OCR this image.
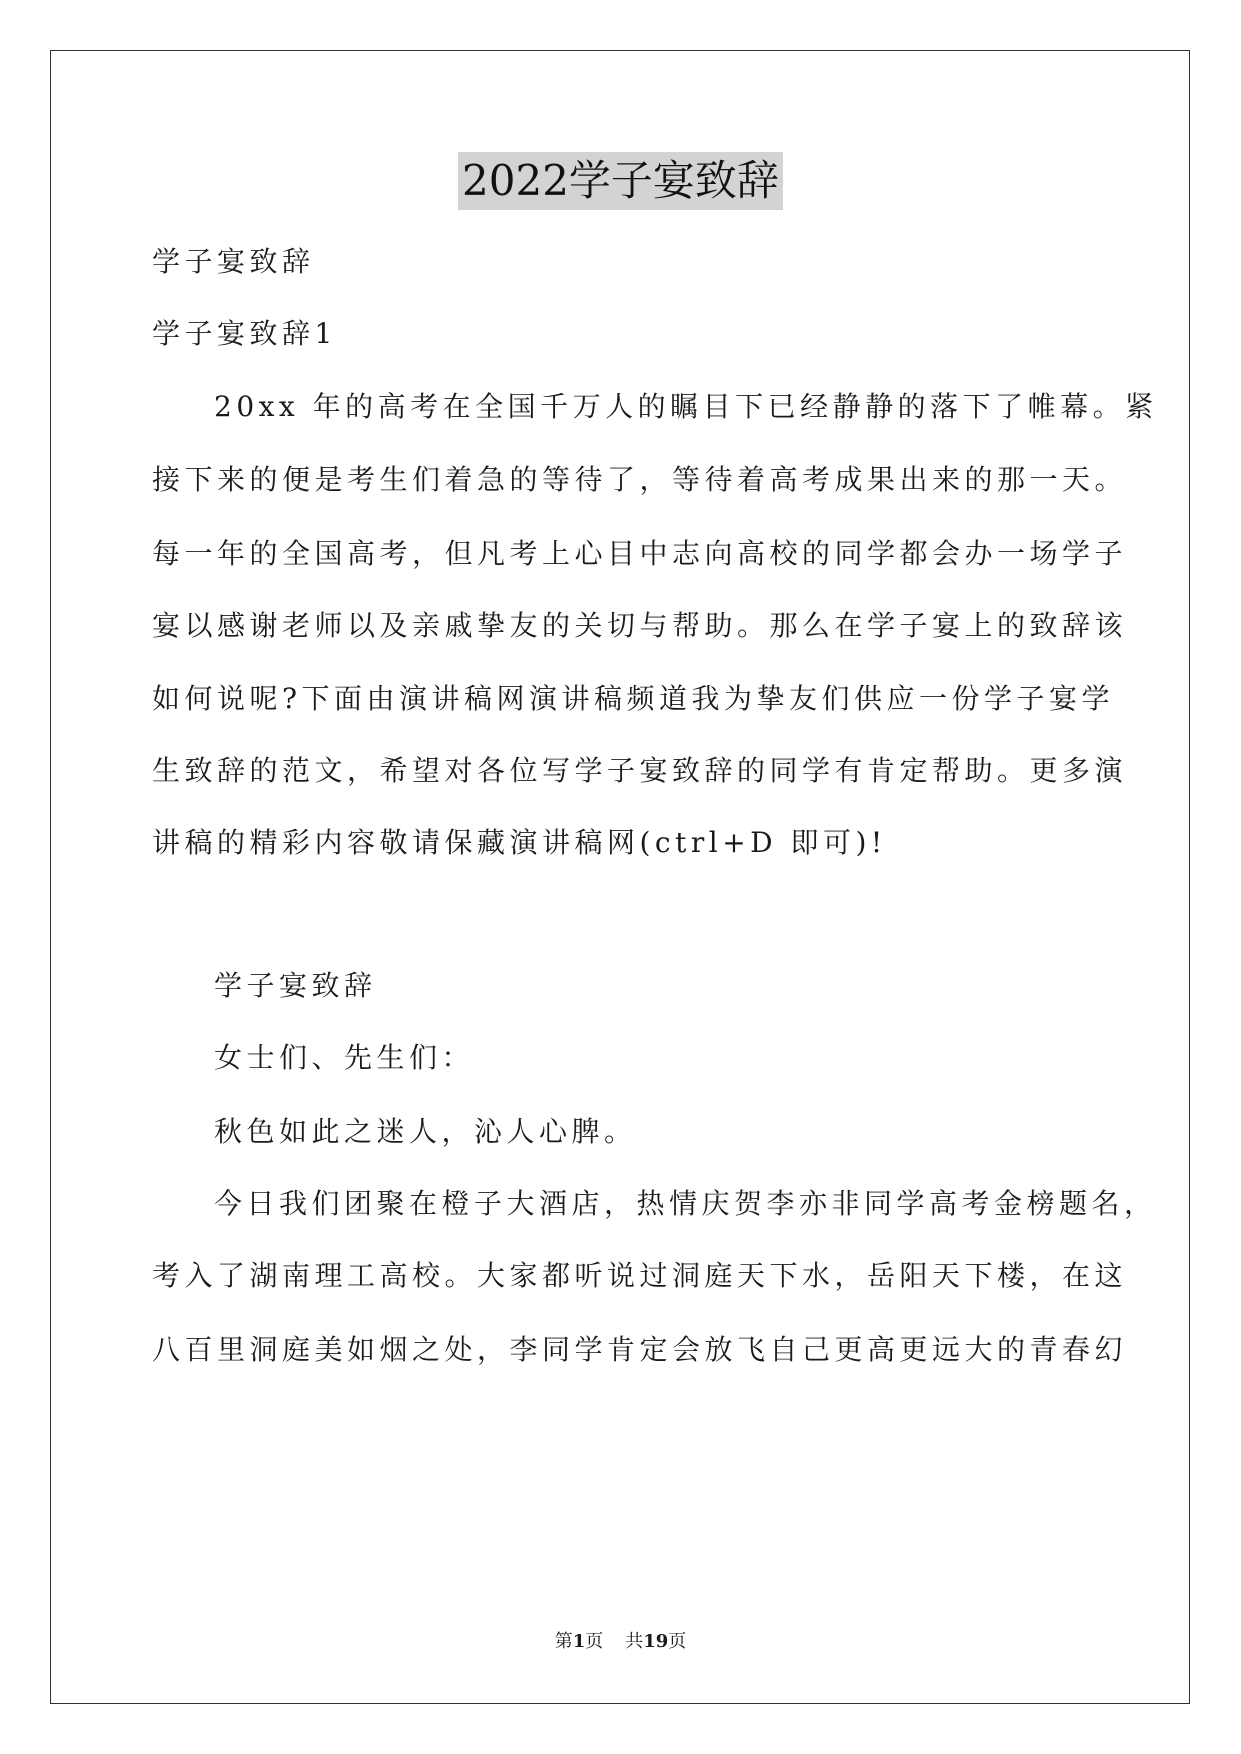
2022学子宴致辞
学子宴致辞
学子宴致辞1
20xx 年的高考在全国千万人的瞩目下已经静静的落下了帷幕。紧
接下来的便是考生们着急的等待了，等待着高考成果出来的那一天。
每一年的全国高考，但凡考上心目中志向高校的同学都会办一场学子
宴以感谢老师以及亲戚挚友的关切与帮助。那么在学子宴上的致辞该
如何说呢?下面由演讲稿网演讲稿频道我为挚友们供应一份学子宴学
生致辞的范文，希望对各位写学子宴致辞的同学有肯定帮助。更多演
讲稿的精彩内容敬请保藏演讲稿网(ctrl+D 即可)!
学子宴致辞
女士们、先生们：
秋色如此之迷人，沁人心脾。
今日我们团聚在橙子大酒店，热情庆贺李亦非同学高考金榜题名，
考入了湖南理工高校。大家都听说过洞庭天下水，岳阳天下楼，在这
八百里洞庭美如烟之处，李同学肯定会放飞自己更高更远大的青春幻
第1页 共19页
